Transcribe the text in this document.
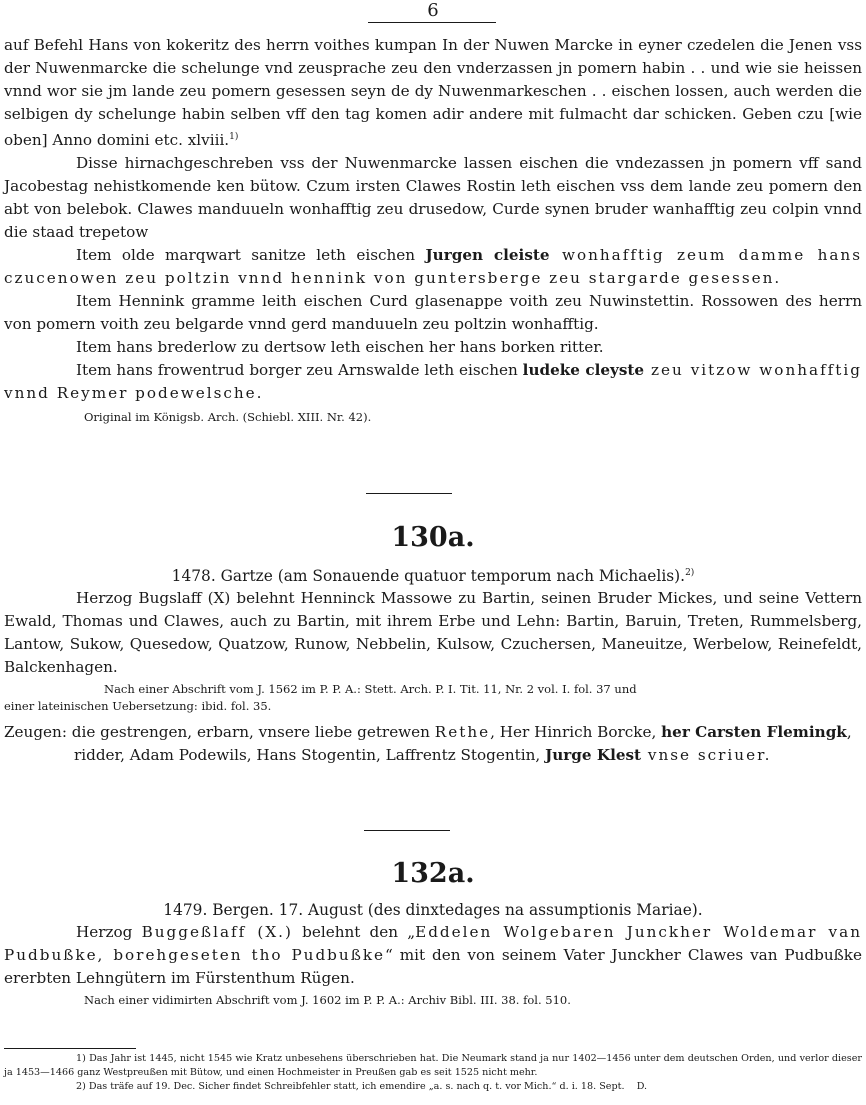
6

auf Befehl Hans von kokeritz des herrn voithes kumpan In der Nuwen Marcke in eyner czedelen die Jenen vss der Nuwenmarcke die schelunge vnd zeusprache zeu den vnderzassen jn pomern habin . . und wie sie heissen vnnd wor sie jm lande zeu pomern gesessen seyn de dy Nuwenmarkeschen . . eischen lossen, auch werden die selbigen dy schelunge habin selben vff den tag komen adir andere mit fulmacht dar schicken. Geben czu [wie oben] Anno domini etc. xlviii.$^{1)}$

Disse hirnachgeschreben vss der Nuwenmarcke lassen eischen die vndezassen jn pomern vff sand Jacobestag nehistkomende ken bütow. Czum irsten Clawes Rostin leth eischen vss dem lande zeu pomern den abt von belebok. Clawes manduueln wonhafftig zeu drusedow, Curde synen bruder wanhafftig zeu colpin vnnd die staad trepetow

Item olde marqwart sanitze leth eischen Jurgen cleiste wonhafftig zeum damme hans czucenowen zeu poltzin vnnd hennink von guntersberge zeu stargarde gesessen.

Item Hennink gramme leith eischen Curd glasenappe voith zeu Nuwinstettin. Rossowen des herrn von pomern voith zeu belgarde vnnd gerd manduueln zeu poltzin wonhafftig.

Item hans brederlow zu dertsow leth eischen her hans borken ritter.

Item hans frowentrud borger zeu Arnswalde leth eischen ludeke cleyste zeu vitzow wonhafftig vnnd Reymer podewelsche.

Original im Königsb. Arch. (Schiebl. XIII. Nr. 42).

130a.

1478. Gartze (am Sonauende quatuor temporum nach Michaelis).$^{2)}$

Herzog Bugslaff (X) belehnt Henninck Massowe zu Bartin, seinen Bruder Mickes, und seine Vettern Ewald, Thomas und Clawes, auch zu Bartin, mit ihrem Erbe und Lehn: Bartin, Baruin, Treten, Rummelsberg, Lantow, Sukow, Quesedow, Quatzow, Runow, Nebbelin, Kulsow, Czuchersen, Maneuitze, Werbelow, Reinefeldt, Balckenhagen.

Nach einer Abschrift vom J. 1562 im P. P. A.: Stett. Arch. P. I. Tit. 11, Nr. 2 vol. I. fol. 37 und

einer lateinischen Uebersetzung: ibid. fol. 35.

Zeugen: die gestrengen, erbarn, vnsere liebe getrewen Rethe, Her Hinrich Borcke, her Carsten Flemingk, ridder, Adam Podewils, Hans Stogentin, Laffrentz Stogentin, Jurge Klest vnse scriuer.

132a.

1479. Bergen. 17. August (des dinxtedages na assumptionis Mariae).

Herzog Buggeßlaff (X.) belehnt den „Eddelen Wolgebaren Junckher Woldemar van Pudbußke, borehgeseten tho Pudbußke“ mit den von seinem Vater Junckher Clawes van Pudbußke ererbten Lehngütern im Fürstenthum Rügen.

Nach einer vidimirten Abschrift vom J. 1602 im P. P. A.: Archiv Bibl. III. 38. fol. 510.

1) Das Jahr ist 1445, nicht 1545 wie Kratz unbesehens überschrieben hat. Die Neumark stand ja nur 1402—1456 unter dem deutschen Orden, und verlor dieser ja 1453—1466 ganz Westpreußen mit Bütow, und einen Hochmeister in Preußen gab es seit 1525 nicht mehr.

2) Das träfe auf 19. Dec. Sicher findet Schreibfehler statt, ich emendire „a. s. nach q. t. vor Mich.“ d. i. 18. Sept. D.
